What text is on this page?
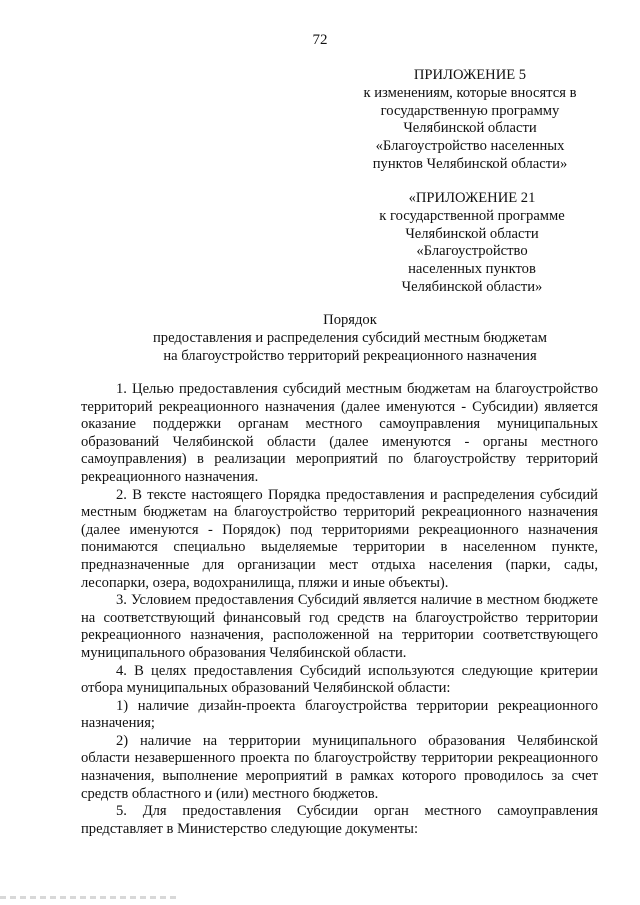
72
ПРИЛОЖЕНИЕ 5
к изменениям, которые вносятся в
государственную программу
Челябинской области
«Благоустройство населенных
пунктов Челябинской области»
«ПРИЛОЖЕНИЕ 21
к государственной программе
Челябинской области
«Благоустройство
населенных пунктов
Челябинской области»
Порядок
предоставления и распределения субсидий местным бюджетам
на благоустройство территорий рекреационного назначения

1. Целью предоставления субсидий местным бюджетам на благоустройство территорий рекреационного назначения (далее именуются - Субсидии) является оказание поддержки органам местного самоуправления муниципальных образований Челябинской области (далее именуются - органы местного самоуправления) в реализации мероприятий по благоустройству территорий рекреационного назначения.

2. В тексте настоящего Порядка предоставления и распределения субсидий местным бюджетам на благоустройство территорий рекреационного назначения (далее именуются - Порядок) под территориями рекреационного назначения понимаются специально выделяемые территории в населенном пункте, предназначенные для организации мест отдыха населения (парки, сады, лесопарки, озера, водохранилища, пляжи и иные объекты).

3. Условием предоставления Субсидий является наличие в местном бюджете на соответствующий финансовый год средств на благоустройство территории рекреационного назначения, расположенной на территории соответствующего муниципального образования Челябинской области.

4. В целях предоставления Субсидий используются следующие критерии отбора муниципальных образований Челябинской области:

1) наличие дизайн-проекта благоустройства территории рекреационного назначения;

2) наличие на территории муниципального образования Челябинской области незавершенного проекта по благоустройству территории рекреационного назначения, выполнение мероприятий в рамках которого проводилось за счет средств областного и (или) местного бюджетов.

5. Для предоставления Субсидии орган местного самоуправления представляет в Министерство следующие документы:
